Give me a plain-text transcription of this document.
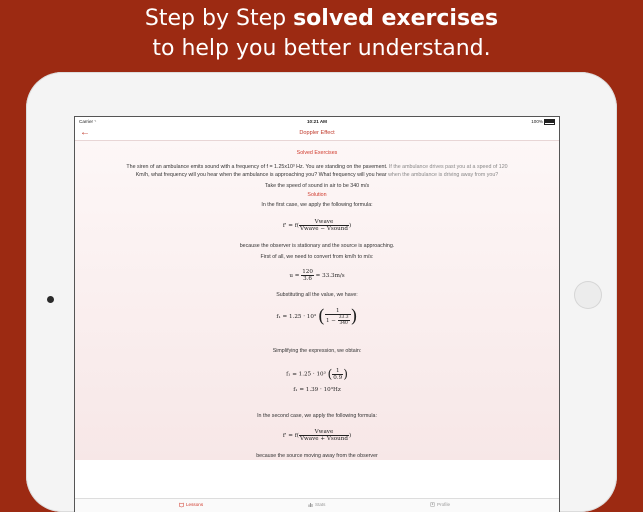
Step by Step solved exercises
to help you better understand.
Carrier ◝	10:21 AM	100%
←	Doppler Effect
Solved Exercises
The siren of an ambulance emits sound with a frequency of f = 1.25x10³ Hz. You are standing on the pavement. If the ambulance drives past you at a speed of 120
Km/h, what frequency will you hear when the ambulance is approaching you? What frequency will you hear when the ambulance is driving away from you?
Take the speed of sound in air to be 340 m/s
Solution
In the first case, we apply the following formula:
$f' = f( \frac{\text{Vwave}}{\text{Vwave − Vsound}}$ )
because the observer is stationary and the source is approaching.
First of all, we need to convert from km/h to m/s:
$u = \frac{120}{3.6} = 33.3m/s$
Substituting all the value, we have:
f₁ = 1.25 · 10³ ( $\frac{1}{1 - \frac{33.3}{340}}$ )
Simplifying the expression, we obtain:
f₁ = 1.25 · 10³ ( $\frac{1}{0.9}$ )
f₁ = 1.39 · 10³Hz
In the second case, we apply the following formula:
$f' = f( \frac{\text{Vwave}}{\text{Vwave + Vsound}}$ )
because the source moving away from the observer
Lessons	Stats	Profile
